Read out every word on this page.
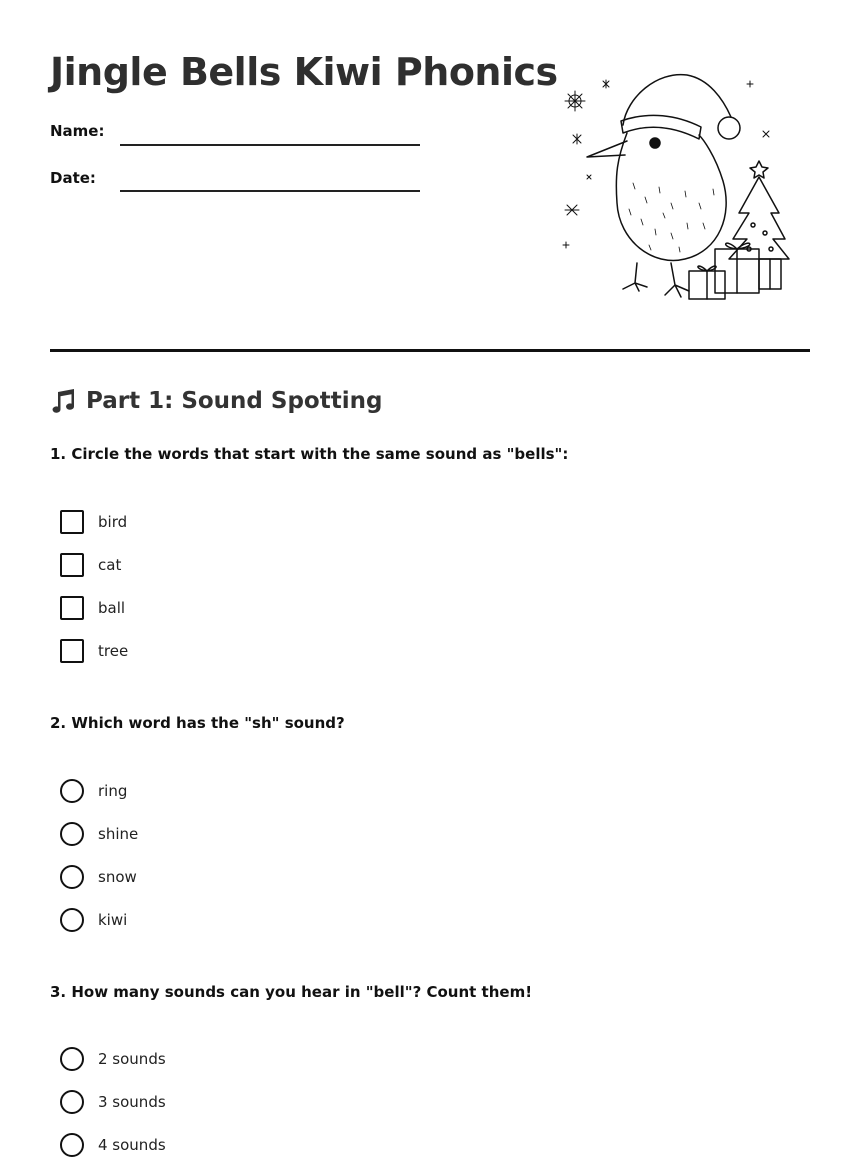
Jingle Bells Kiwi Phonics
Name:
Date:
Part 1: Sound Spotting
1. Circle the words that start with the same sound as "bells":
bird
cat
ball
tree
2. Which word has the "sh" sound?
ring
shine
snow
kiwi
3. How many sounds can you hear in "bell"? Count them!
2 sounds
3 sounds
4 sounds
